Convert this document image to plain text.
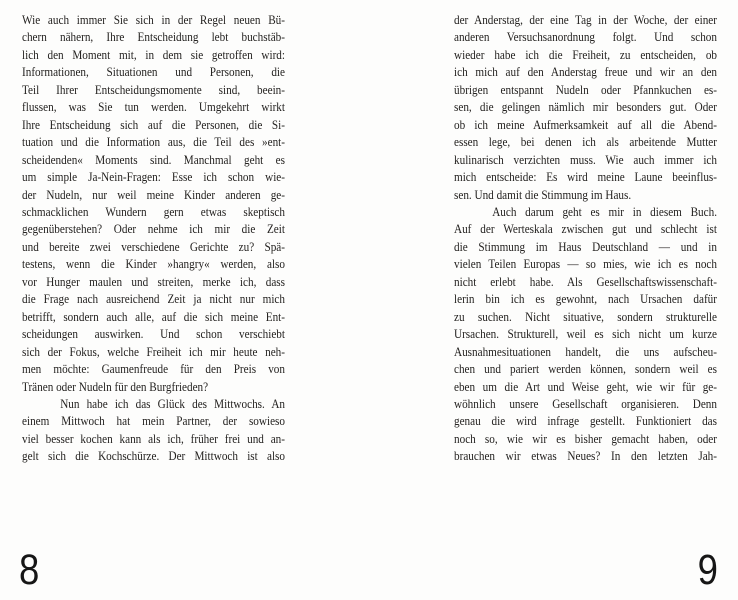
Wie auch immer Sie sich in der Regel neuen Bü-
chern nähern, Ihre Entscheidung lebt buchstäb-
lich den Moment mit, in dem sie getroffen wird:
Informationen, Situationen und Personen, die
Teil Ihrer Entscheidungsmomente sind, beein-
flussen, was Sie tun werden. Umgekehrt wirkt
Ihre Entscheidung sich auf die Personen, die Si-
tuation und die Information aus, die Teil des »ent-
scheidenden« Moments sind. Manchmal geht es
um simple Ja-Nein-Fragen: Esse ich schon wie-
der Nudeln, nur weil meine Kinder anderen ge-
schmacklichen Wundern gern etwas skeptisch
gegenüberstehen? Oder nehme ich mir die Zeit
und bereite zwei verschiedene Gerichte zu? Spä-
testens, wenn die Kinder »hangry« werden, also
vor Hunger maulen und streiten, merke ich, dass
die Frage nach ausreichend Zeit ja nicht nur mich
betrifft, sondern auch alle, auf die sich meine Ent-
scheidungen auswirken. Und schon verschiebt
sich der Fokus, welche Freiheit ich mir heute neh-
men möchte: Gaumenfreude für den Preis von
Tränen oder Nudeln für den Burgfrieden?
Nun habe ich das Glück des Mittwochs. An
einem Mittwoch hat mein Partner, der sowieso
viel besser kochen kann als ich, früher frei und an-
gelt sich die Kochschürze. Der Mittwoch ist also
8
der Anderstag, der eine Tag in der Woche, der einer
anderen Versuchsanordnung folgt. Und schon
wieder habe ich die Freiheit, zu entscheiden, ob
ich mich auf den Anderstag freue und wir an den
übrigen entspannt Nudeln oder Pfannkuchen es-
sen, die gelingen nämlich mir besonders gut. Oder
ob ich meine Aufmerksamkeit auf all die Abend-
essen lege, bei denen ich als arbeitende Mutter
kulinarisch verzichten muss. Wie auch immer ich
mich entscheide: Es wird meine Laune beeinflus-
sen. Und damit die Stimmung im Haus.
Auch darum geht es mir in diesem Buch.
Auf der Werteskala zwischen gut und schlecht ist
die Stimmung im Haus Deutschland — und in
vielen Teilen Europas — so mies, wie ich es noch
nicht erlebt habe. Als Gesellschaftswissenschaft-
lerin bin ich es gewohnt, nach Ursachen dafür
zu suchen. Nicht situative, sondern strukturelle
Ursachen. Strukturell, weil es sich nicht um kurze
Ausnahmesituationen handelt, die uns aufscheu-
chen und pariert werden können, sondern weil es
eben um die Art und Weise geht, wie wir für ge-
wöhnlich unsere Gesellschaft organisieren. Denn
genau die wird infrage gestellt. Funktioniert das
noch so, wie wir es bisher gemacht haben, oder
brauchen wir etwas Neues? In den letzten Jah-
9
